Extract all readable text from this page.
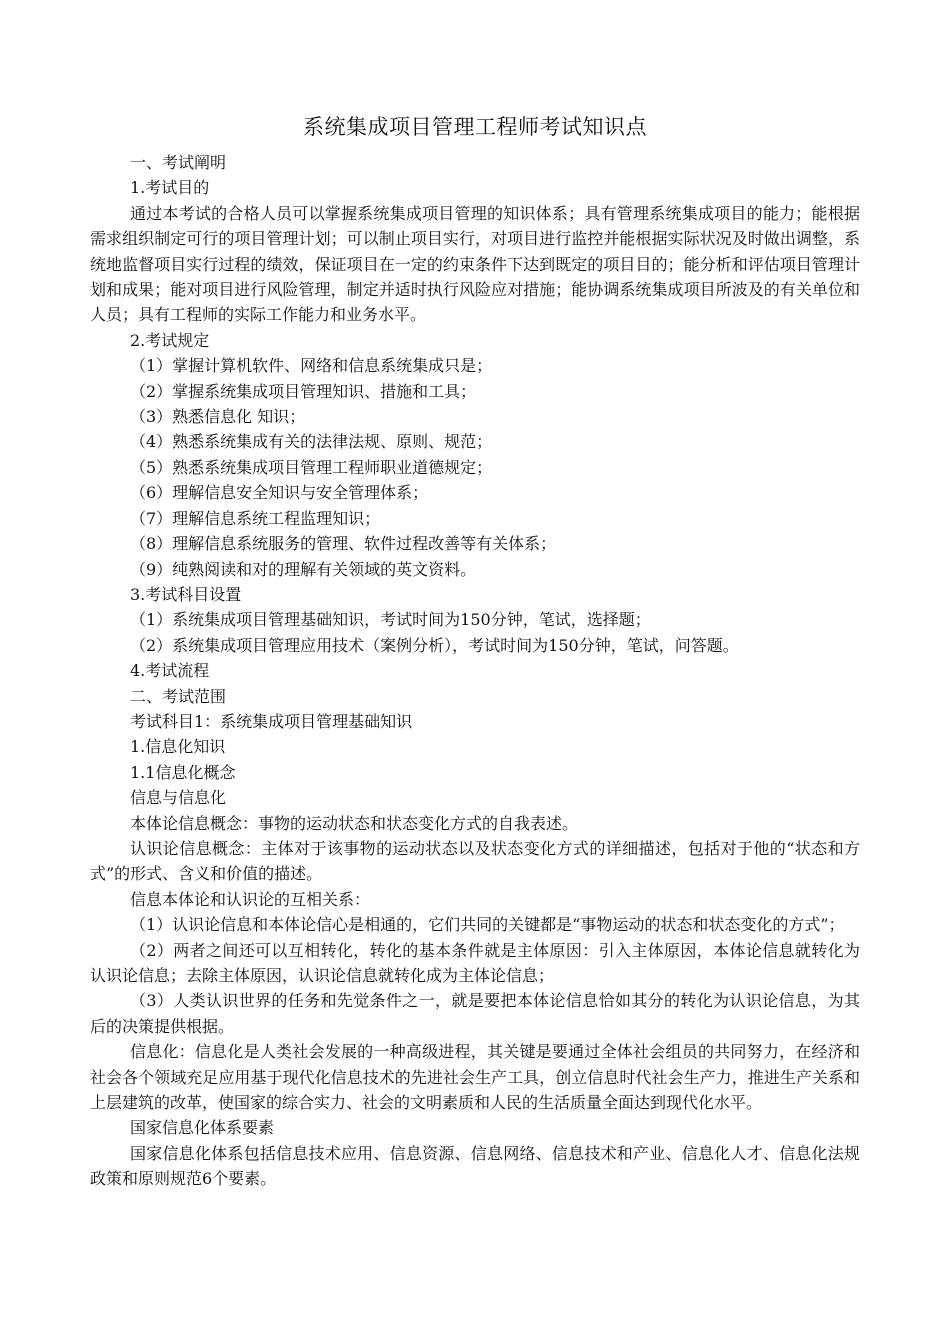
系统集成项目管理工程师考试知识点

一、考试阐明

1.考试目的

通过本考试的合格人员可以掌握系统集成项目管理的知识体系；具有管理系统集成项目的能力；能根据需求组织制定可行的项目管理计划；可以制止项目实行，对项目进行监控并能根据实际状况及时做出调整，系统地监督项目实行过程的绩效，保证项目在一定的约束条件下达到既定的项目目的；能分析和评估项目管理计划和成果；能对项目进行风险管理，制定并适时执行风险应对措施；能协调系统集成项目所波及的有关单位和人员；具有工程师的实际工作能力和业务水平。

2.考试规定

（1）掌握计算机软件、网络和信息系统集成只是；

（2）掌握系统集成项目管理知识、措施和工具；

（3）熟悉信息化 知识；

（4）熟悉系统集成有关的法律法规、原则、规范；

（5）熟悉系统集成项目管理工程师职业道德规定；

（6）理解信息安全知识与安全管理体系；

（7）理解信息系统工程监理知识；

（8）理解信息系统服务的管理、软件过程改善等有关体系；

（9）纯熟阅读和对的理解有关领域的英文资料。

3.考试科目设置

（1）系统集成项目管理基础知识，考试时间为150分钟，笔试，选择题；

（2）系统集成项目管理应用技术（案例分析），考试时间为150分钟，笔试，问答题。

4.考试流程

二、考试范围

考试科目1：系统集成项目管理基础知识

1.信息化知识

1.1信息化概念

信息与信息化

本体论信息概念：事物的运动状态和状态变化方式的自我表述。

认识论信息概念：主体对于该事物的运动状态以及状态变化方式的详细描述，包括对于他的“状态和方式”的形式、含义和价值的描述。

信息本体论和认识论的互相关系：

（1）认识论信息和本体论信心是相通的，它们共同的关键都是“事物运动的状态和状态变化的方式”；

（2）两者之间还可以互相转化，转化的基本条件就是主体原因：引入主体原因，本体论信息就转化为认识论信息；去除主体原因，认识论信息就转化成为主体论信息；

（3）人类认识世界的任务和先觉条件之一，就是要把本体论信息恰如其分的转化为认识论信息，为其后的决策提供根据。

信息化：信息化是人类社会发展的一种高级进程，其关键是要通过全体社会组员的共同努力，在经济和社会各个领域充足应用基于现代化信息技术的先进社会生产工具，创立信息时代社会生产力，推进生产关系和上层建筑的改革，使国家的综合实力、社会的文明素质和人民的生活质量全面达到现代化水平。

国家信息化体系要素

国家信息化体系包括信息技术应用、信息资源、信息网络、信息技术和产业、信息化人才、信息化法规政策和原则规范6个要素。
